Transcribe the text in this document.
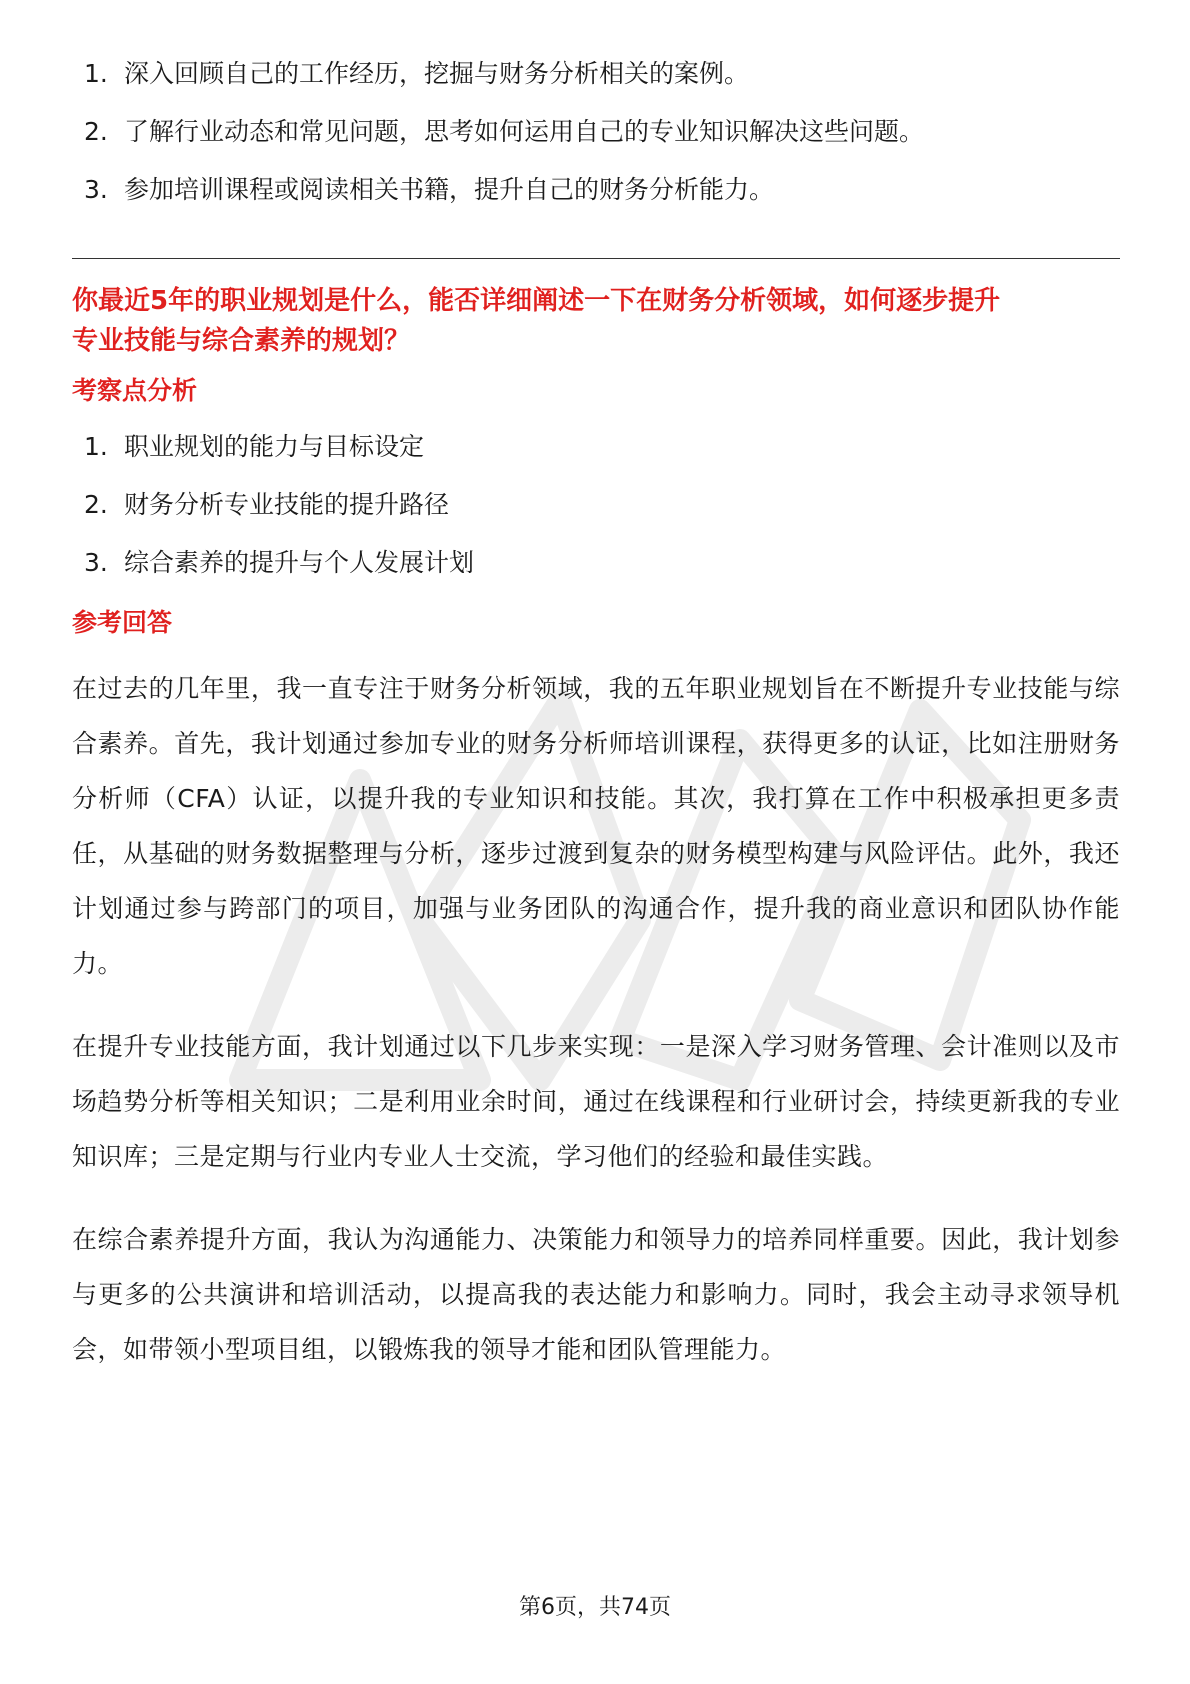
1. 深入回顾自己的工作经历，挖掘与财务分析相关的案例。
2. 了解行业动态和常见问题，思考如何运用自己的专业知识解决这些问题。
3. 参加培训课程或阅读相关书籍，提升自己的财务分析能力。
你最近5年的职业规划是什么，能否详细阐述一下在财务分析领域，如何逐步提升
专业技能与综合素养的规划？
考察点分析
1. 职业规划的能力与目标设定
2. 财务分析专业技能的提升路径
3. 综合素养的提升与个人发展计划
参考回答

在过去的几年里，我一直专注于财务分析领域，我的五年职业规划旨在不断提升专业技能与综合素养。首先，我计划通过参加专业的财务分析师培训课程，获得更多的认证，比如注册财务分析师（CFA）认证，以提升我的专业知识和技能。其次，我打算在工作中积极承担更多责任，从基础的财务数据整理与分析，逐步过渡到复杂的财务模型构建与风险评估。此外，我还计划通过参与跨部门的项目，加强与业务团队的沟通合作，提升我的商业意识和团队协作能力。

在提升专业技能方面，我计划通过以下几步来实现：一是深入学习财务管理、会计准则以及市场趋势分析等相关知识；二是利用业余时间，通过在线课程和行业研讨会，持续更新我的专业知识库；三是定期与行业内专业人士交流，学习他们的经验和最佳实践。

在综合素养提升方面，我认为沟通能力、决策能力和领导力的培养同样重要。因此，我计划参与更多的公共演讲和培训活动，以提高我的表达能力和影响力。同时，我会主动寻求领导机会，如带领小型项目组，以锻炼我的领导才能和团队管理能力。

第6页，共74页
